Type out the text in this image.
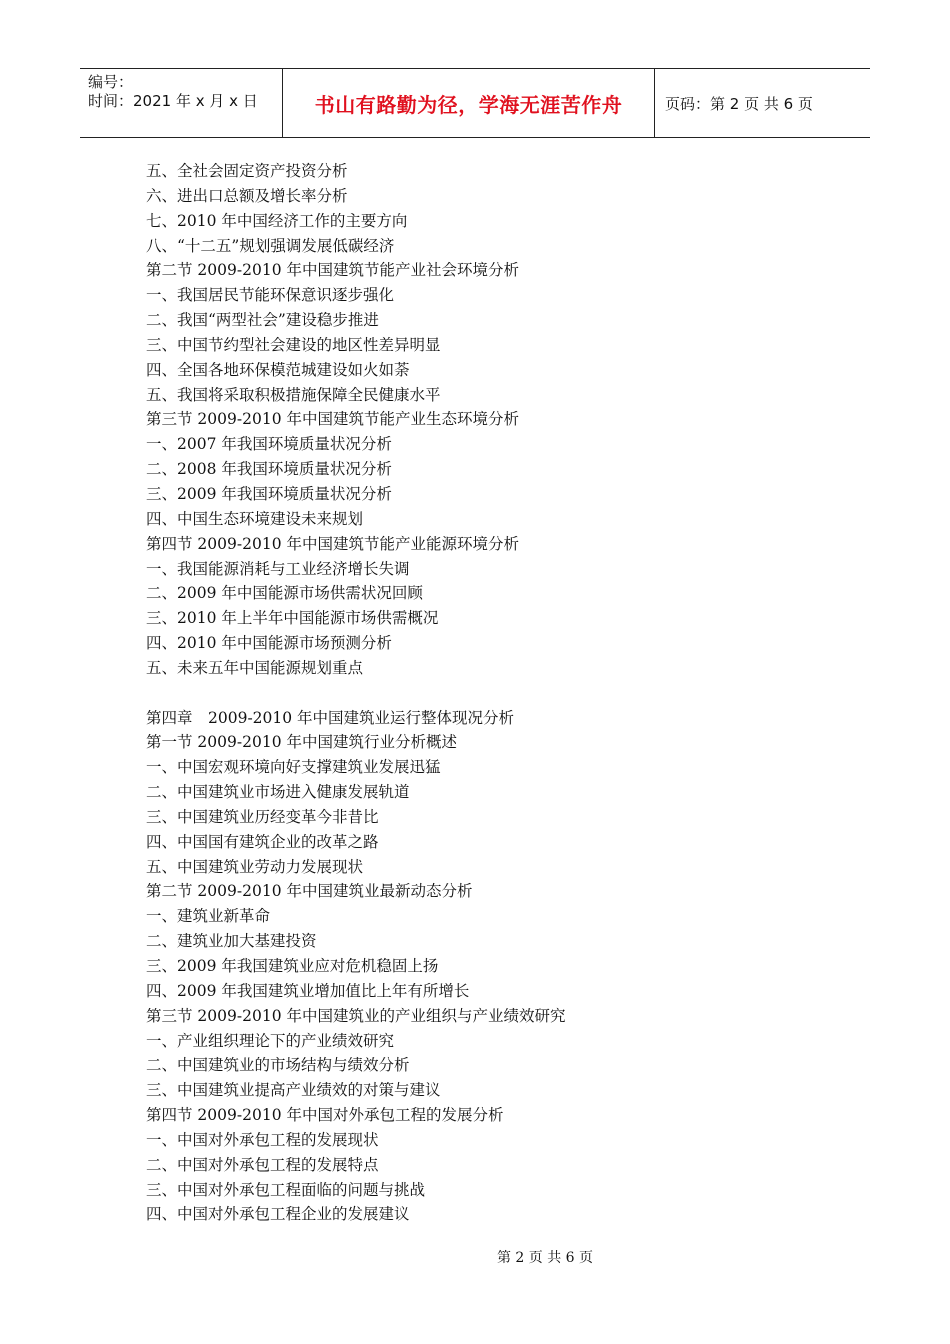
编号：
时间：2021 年 x 月 x 日	书山有路勤为径，学海无涯苦作舟	页码：第 2 页 共 6 页
五、全社会固定资产投资分析
六、进出口总额及增长率分析
七、2010 年中国经济工作的主要方向
八、“十二五”规划强调发展低碳经济
第二节 2009-2010 年中国建筑节能产业社会环境分析
一、我国居民节能环保意识逐步强化
二、我国“两型社会”建设稳步推进
三、中国节约型社会建设的地区性差异明显
四、全国各地环保模范城建设如火如荼
五、我国将采取积极措施保障全民健康水平
第三节 2009-2010 年中国建筑节能产业生态环境分析
一、2007 年我国环境质量状况分析
二、2008 年我国环境质量状况分析
三、2009 年我国环境质量状况分析
四、中国生态环境建设未来规划
第四节 2009-2010 年中国建筑节能产业能源环境分析
一、我国能源消耗与工业经济增长失调
二、2009 年中国能源市场供需状况回顾
三、2010 年上半年中国能源市场供需概况
四、2010 年中国能源市场预测分析
五、未来五年中国能源规划重点
第四章　2009-2010 年中国建筑业运行整体现况分析
第一节 2009-2010 年中国建筑行业分析概述
一、中国宏观环境向好支撑建筑业发展迅猛
二、中国建筑业市场进入健康发展轨道
三、中国建筑业历经变革今非昔比
四、中国国有建筑企业的改革之路
五、中国建筑业劳动力发展现状
第二节 2009-2010 年中国建筑业最新动态分析
一、建筑业新革命
二、建筑业加大基建投资
三、2009 年我国建筑业应对危机稳固上扬
四、2009 年我国建筑业增加值比上年有所增长
第三节 2009-2010 年中国建筑业的产业组织与产业绩效研究
一、产业组织理论下的产业绩效研究
二、中国建筑业的市场结构与绩效分析
三、中国建筑业提高产业绩效的对策与建议
第四节 2009-2010 年中国对外承包工程的发展分析
一、中国对外承包工程的发展现状
二、中国对外承包工程的发展特点
三、中国对外承包工程面临的问题与挑战
四、中国对外承包工程企业的发展建议
第 2 页 共 6 页
